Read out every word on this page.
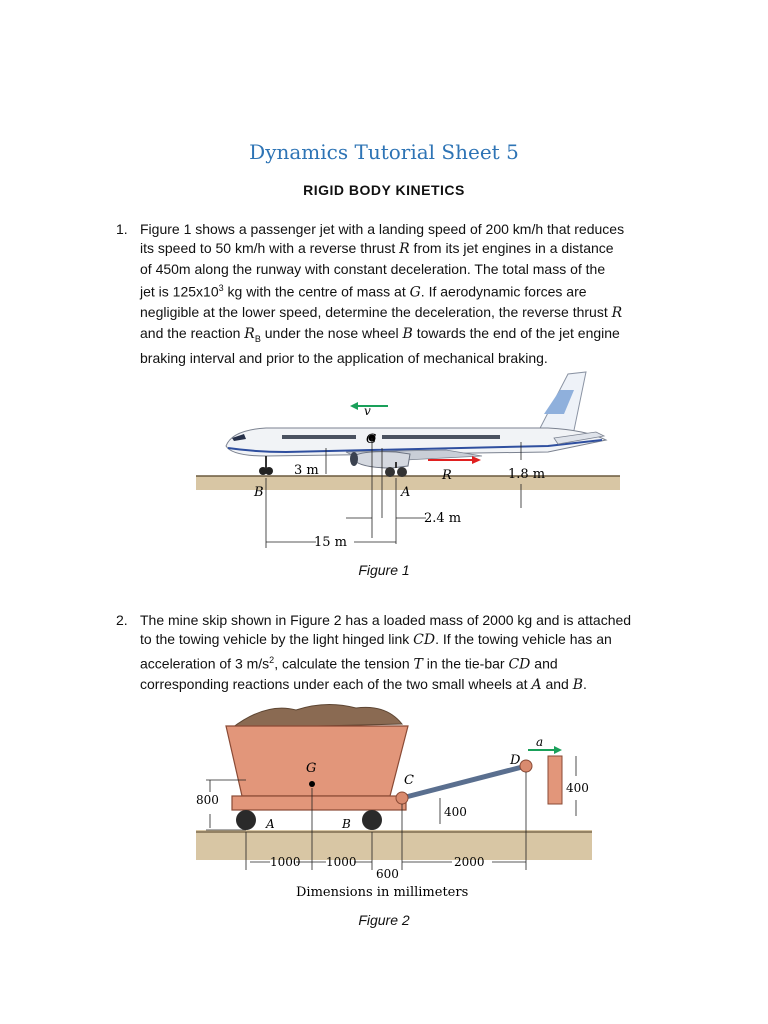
Dynamics Tutorial Sheet 5
RIGID BODY KINETICS
1. Figure 1 shows a passenger jet with a landing speed of 200 km/h that reduces
its speed to 50 km/h with a reverse thrust R from its jet engines in a distance
of 450m along the runway with constant deceleration. The total mass of the
jet is $125x10^3$ kg with the centre of mass at G. If aerodynamic forces are
negligible at the lower speed, determine the deceleration, the reverse thrust R
and the reaction $R_B$ under the nose wheel B towards the end of the jet engine
braking interval and prior to the application of mechanical braking.
v
G
R
B	A
3 m	1.8 m
2.4 m
15 m
Figure 1
2. The mine skip shown in Figure 2 has a loaded mass of 2000 kg and is attached
to the towing vehicle by the light hinged link CD. If the towing vehicle has an
acceleration of 3 $m/s^2$, calculate the tension T in the tie-bar CD and
corresponding reactions under each of the two small wheels at A and B.
a
D
G
C
A	B
800
400
400
1000 1000
600
2000
Dimensions in millimeters
Figure 2
